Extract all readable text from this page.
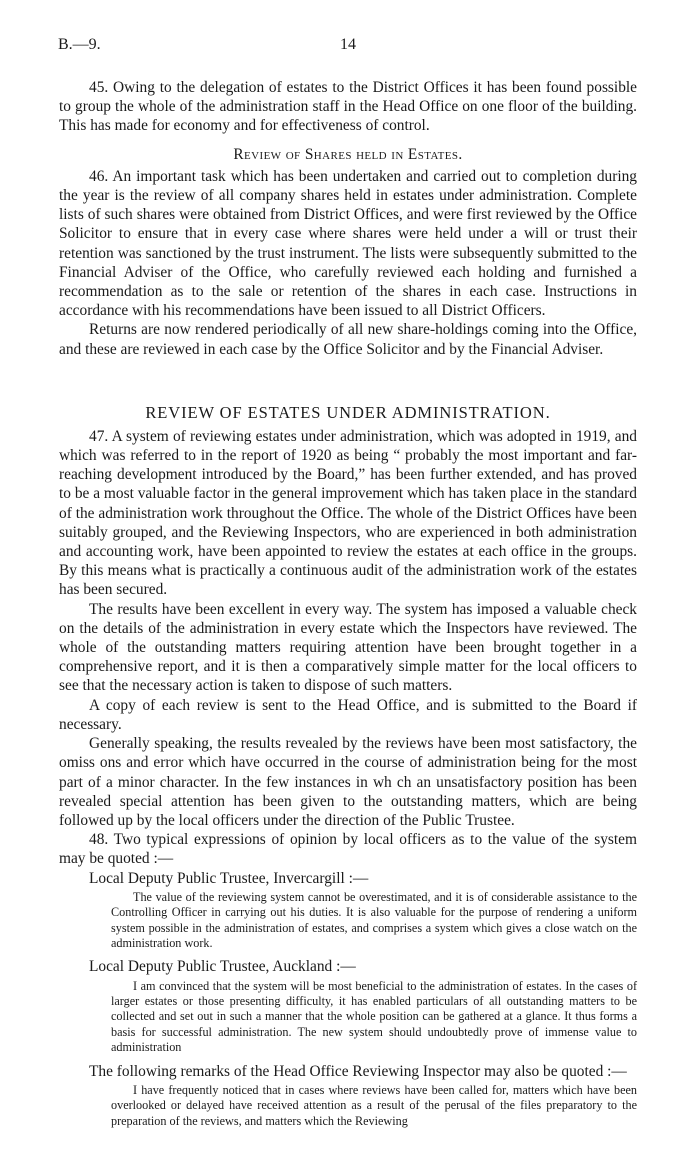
B.—9.	14

45. Owing to the delegation of estates to the District Offices it has been found possible to group the whole of the administration staff in the Head Office on one floor of the building. This has made for economy and for effectiveness of control.

Review of Shares held in Estates.

46. An important task which has been undertaken and carried out to completion during the year is the review of all company shares held in estates under administration. Complete lists of such shares were obtained from District Offices, and were first reviewed by the Office Solicitor to ensure that in every case where shares were held under a will or trust their retention was sanctioned by the trust instrument. The lists were subsequently submitted to the Financial Adviser of the Office, who carefully reviewed each holding and furnished a recommendation as to the sale or retention of the shares in each case. Instructions in accordance with his recommendations have been issued to all District Officers.

Returns are now rendered periodically of all new share-holdings coming into the Office, and these are reviewed in each case by the Office Solicitor and by the Financial Adviser.

REVIEW OF ESTATES UNDER ADMINISTRATION.

47. A system of reviewing estates under administration, which was adopted in 1919, and which was referred to in the report of 1920 as being “ probably the most important and far-reaching development introduced by the Board,” has been further extended, and has proved to be a most valuable factor in the general improvement which has taken place in the standard of the administration work throughout the Office. The whole of the District Offices have been suitably grouped, and the Reviewing Inspectors, who are experienced in both administration and accounting work, have been appointed to review the estates at each office in the groups. By this means what is practically a continuous audit of the administration work of the estates has been secured.

The results have been excellent in every way. The system has imposed a valuable check on the details of the administration in every estate which the Inspectors have reviewed. The whole of the outstanding matters requiring attention have been brought together in a comprehensive report, and it is then a comparatively simple matter for the local officers to see that the necessary action is taken to dispose of such matters.

A copy of each review is sent to the Head Office, and is submitted to the Board if necessary.

Generally speaking, the results revealed by the reviews have been most satisfactory, the omiss ons and error which have occurred in the course of administration being for the most part of a minor character. In the few instances in wh ch an unsatisfactory position has been revealed special attention has been given to the outstanding matters, which are being followed up by the local officers under the direction of the Public Trustee.

48. Two typical expressions of opinion by local officers as to the value of the system may be quoted :—

Local Deputy Public Trustee, Invercargill :—

The value of the reviewing system cannot be overestimated, and it is of considerable assistance to the Controlling Officer in carrying out his duties. It is also valuable for the purpose of rendering a uniform system possible in the administration of estates, and comprises a system which gives a close watch on the administration work.

Local Deputy Public Trustee, Auckland :—

I am convinced that the system will be most beneficial to the administration of estates. In the cases of larger estates or those presenting difficulty, it has enabled particulars of all outstanding matters to be collected and set out in such a manner that the whole position can be gathered at a glance. It thus forms a basis for successful administration. The new system should undoubtedly prove of immense value to administration

The following remarks of the Head Office Reviewing Inspector may also be quoted :—

I have frequently noticed that in cases where reviews have been called for, matters which have been overlooked or delayed have received attention as a result of the perusal of the files preparatory to the preparation of the reviews, and matters which the Reviewing
